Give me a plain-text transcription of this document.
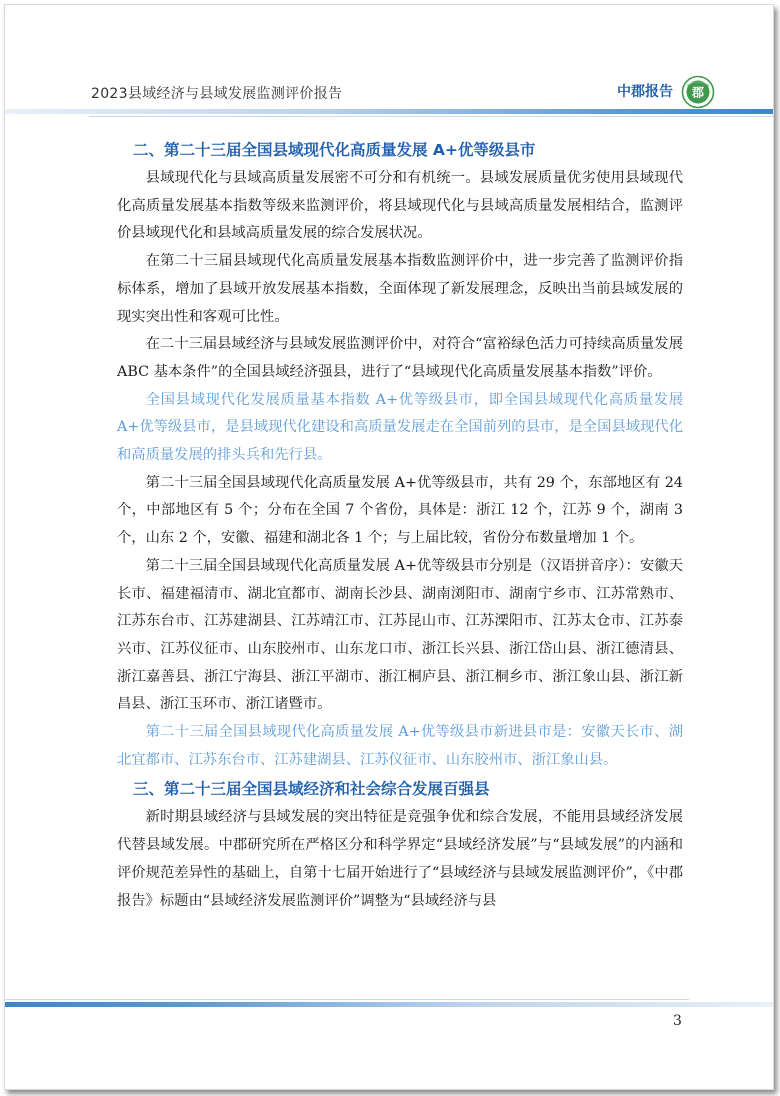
2023县域经济与县域发展监测评价报告	中郡报告 郡
二、第二十三届全国县域现代化高质量发展 A+优等级县市

县域现代化与县域高质量发展密不可分和有机统一。县域发展质量优劣使用县域现代化高质量发展基本指数等级来监测评价，将县域现代化与县域高质量发展相结合，监测评价县域现代化和县域高质量发展的综合发展状况。

在第二十三届县域现代化高质量发展基本指数监测评价中，进一步完善了监测评价指标体系，增加了县域开放发展基本指数，全面体现了新发展理念，反映出当前县域发展的现实突出性和客观可比性。

在二十三届县域经济与县域发展监测评价中，对符合“富裕绿色活力可持续高质量发展 ABC 基本条件”的全国县域经济强县，进行了“县域现代化高质量发展基本指数”评价。

全国县域现代化发展质量基本指数 A+优等级县市，即全国县域现代化高质量发展 A+优等级县市，是县域现代化建设和高质量发展走在全国前列的县市，是全国县域现代化和高质量发展的排头兵和先行县。

第二十三届全国县域现代化高质量发展 A+优等级县市，共有 29 个，东部地区有 24 个，中部地区有 5 个；分布在全国 7 个省份，具体是：浙江 12 个，江苏 9 个，湖南 3 个，山东 2 个，安徽、福建和湖北各 1 个；与上届比较，省份分布数量增加 1 个。

第二十三届全国县域现代化高质量发展 A+优等级县市分别是（汉语拼音序）：安徽天长市、福建福清市、湖北宜都市、湖南长沙县、湖南浏阳市、湖南宁乡市、江苏常熟市、江苏东台市、江苏建湖县、江苏靖江市、江苏昆山市、江苏溧阳市、江苏太仓市、江苏泰兴市、江苏仪征市、山东胶州市、山东龙口市、浙江长兴县、浙江岱山县、浙江德清县、浙江嘉善县、浙江宁海县、浙江平湖市、浙江桐庐县、浙江桐乡市、浙江象山县、浙江新昌县、浙江玉环市、浙江诸暨市。

第二十三届全国县域现代化高质量发展 A+优等级县市新进县市是：安徽天长市、湖北宜都市、江苏东台市、江苏建湖县、江苏仪征市、山东胶州市、浙江象山县。

三、第二十三届全国县域经济和社会综合发展百强县

新时期县域经济与县域发展的突出特征是竞强争优和综合发展，不能用县域经济发展代替县域发展。中郡研究所在严格区分和科学界定“县域经济发展”与“县域发展”的内涵和评价规范差异性的基础上，自第十七届开始进行了“县域经济与县域发展监测评价”，《中郡报告》标题由“县域经济发展监测评价”调整为“县域经济与县

3
